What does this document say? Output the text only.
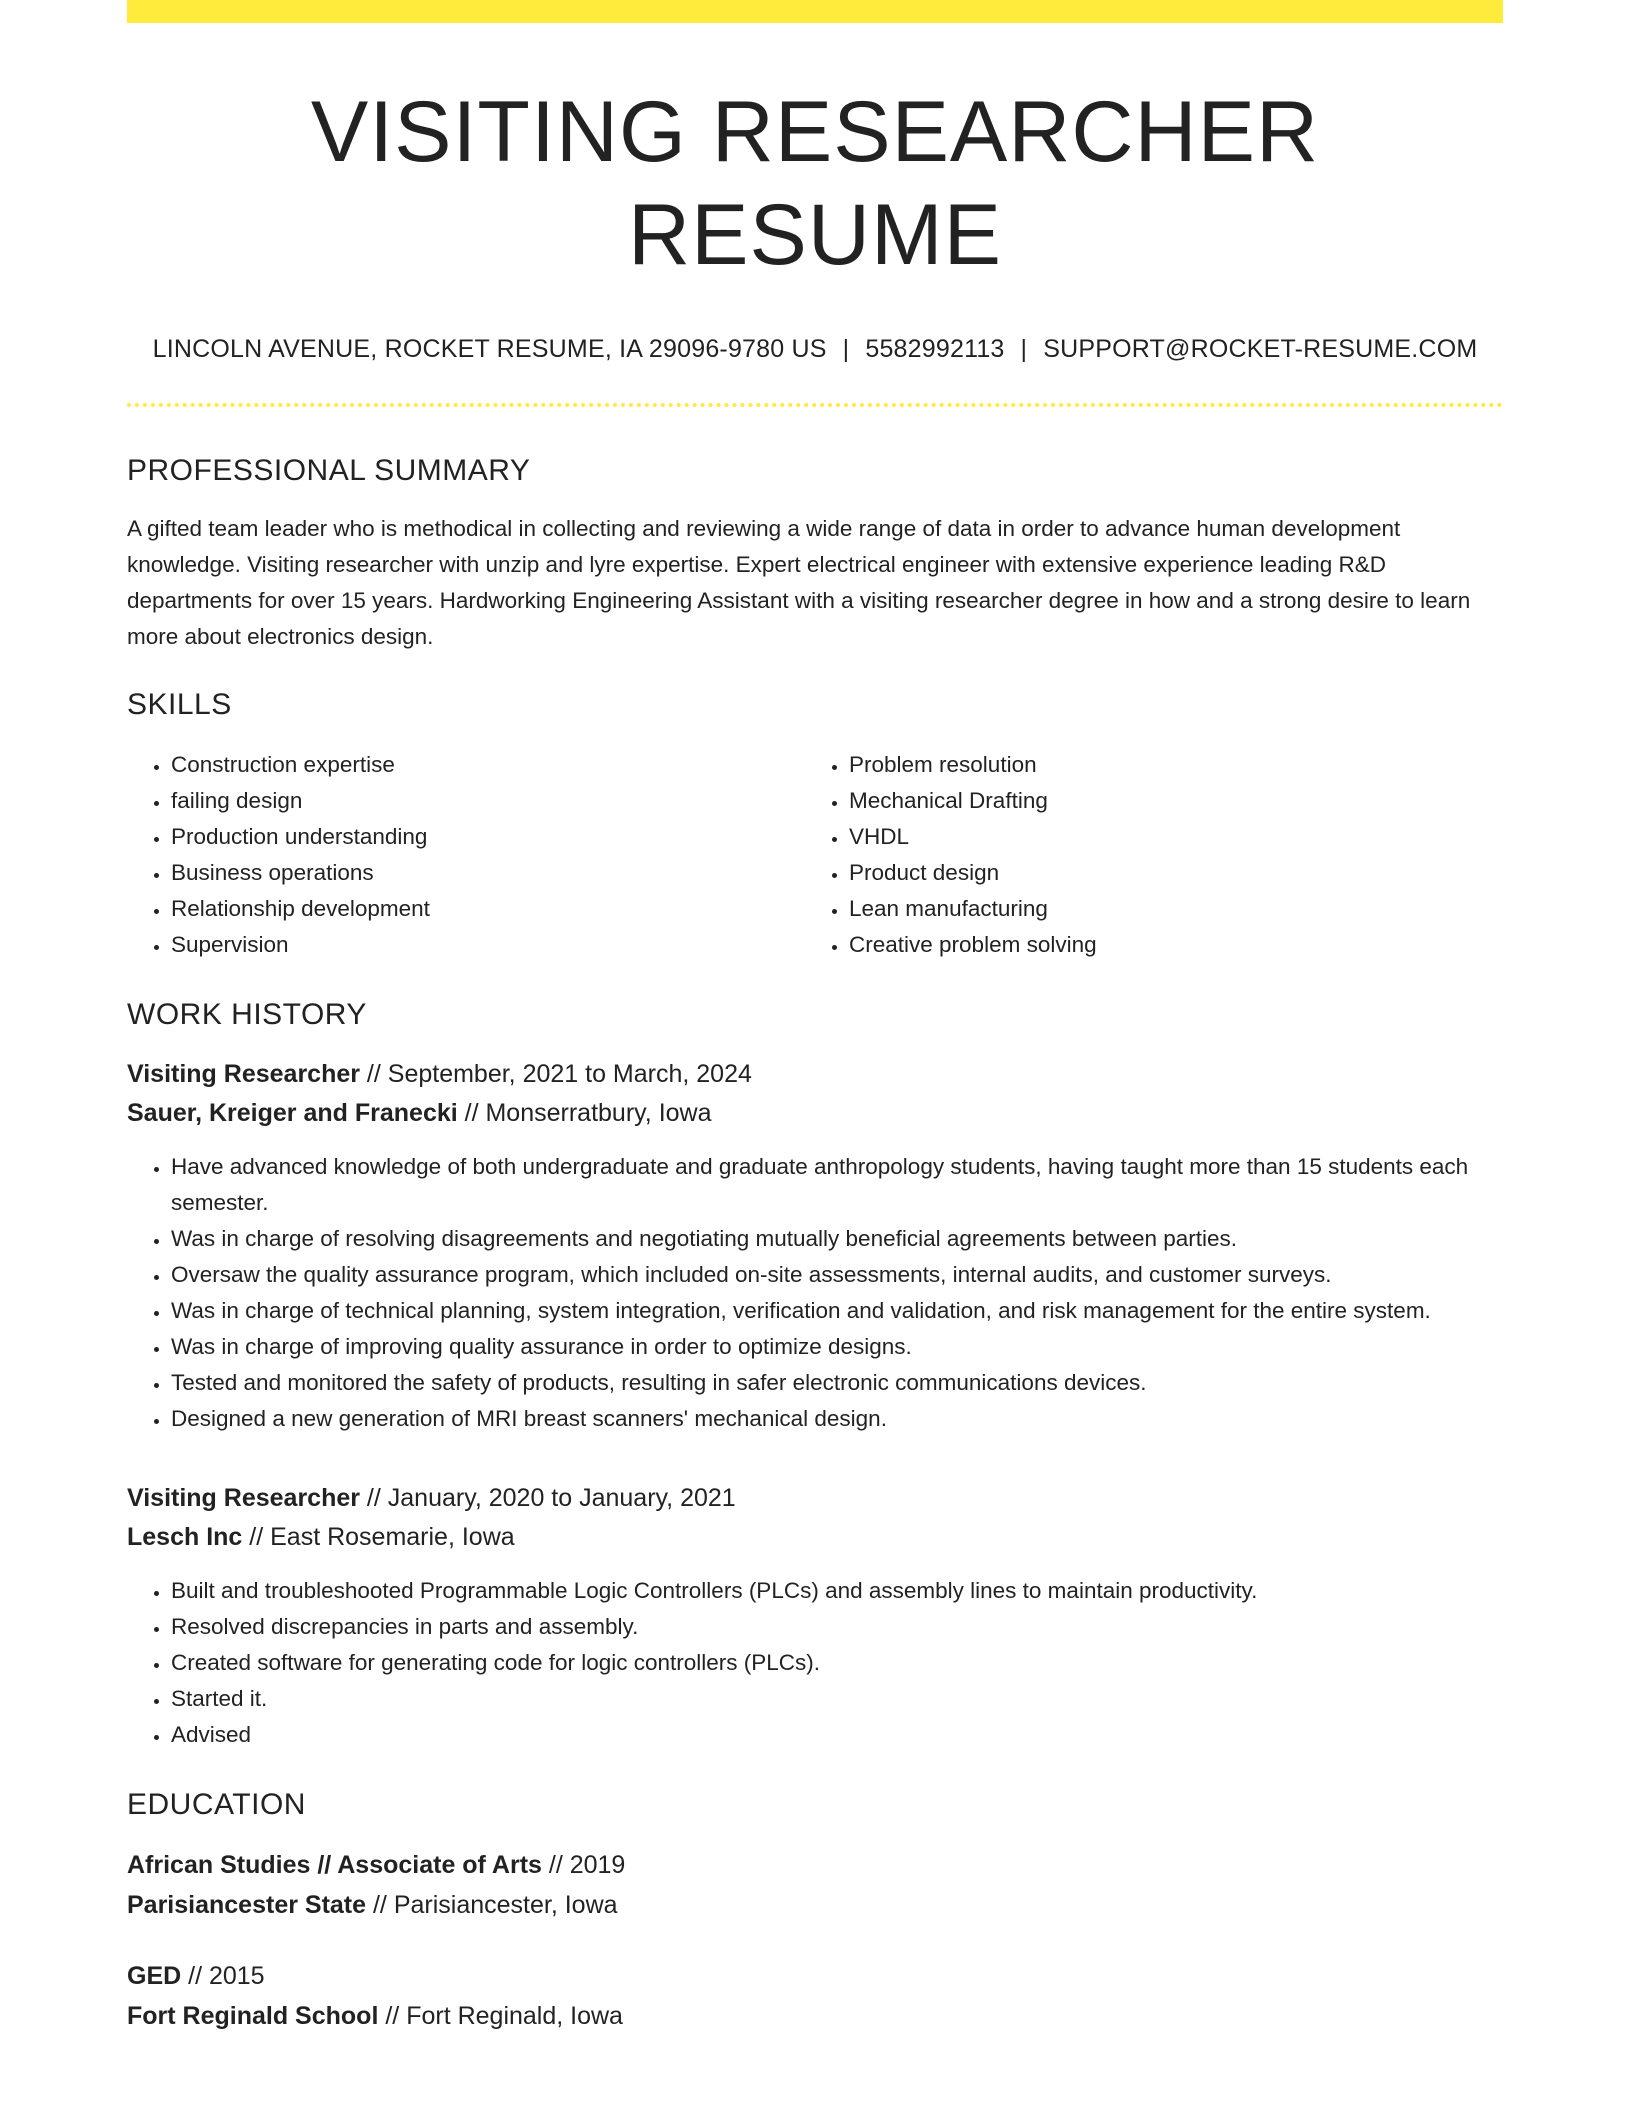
VISITING RESEARCHER RESUME
LINCOLN AVENUE, ROCKET RESUME, IA 29096-9780 US | 5582992113 | SUPPORT@ROCKET-RESUME.COM
PROFESSIONAL SUMMARY
A gifted team leader who is methodical in collecting and reviewing a wide range of data in order to advance human development knowledge. Visiting researcher with unzip and lyre expertise. Expert electrical engineer with extensive experience leading R&D departments for over 15 years. Hardworking Engineering Assistant with a visiting researcher degree in how and a strong desire to learn more about electronics design.
SKILLS
• Construction expertise
• failing design
• Production understanding
• Business operations
• Relationship development
• Supervision
• Problem resolution
• Mechanical Drafting
• VHDL
• Product design
• Lean manufacturing
• Creative problem solving
WORK HISTORY
Visiting Researcher // September, 2021 to March, 2024
Sauer, Kreiger and Franecki // Monserratbury, Iowa
• Have advanced knowledge of both undergraduate and graduate anthropology students, having taught more than 15 students each semester.
• Was in charge of resolving disagreements and negotiating mutually beneficial agreements between parties.
• Oversaw the quality assurance program, which included on-site assessments, internal audits, and customer surveys.
• Was in charge of technical planning, system integration, verification and validation, and risk management for the entire system.
• Was in charge of improving quality assurance in order to optimize designs.
• Tested and monitored the safety of products, resulting in safer electronic communications devices.
• Designed a new generation of MRI breast scanners' mechanical design.
Visiting Researcher // January, 2020 to January, 2021
Lesch Inc // East Rosemarie, Iowa
• Built and troubleshooted Programmable Logic Controllers (PLCs) and assembly lines to maintain productivity.
• Resolved discrepancies in parts and assembly.
• Created software for generating code for logic controllers (PLCs).
• Started it.
• Advised
EDUCATION
African Studies // Associate of Arts // 2019
Parisiancester State // Parisiancester, Iowa
GED // 2015
Fort Reginald School // Fort Reginald, Iowa
